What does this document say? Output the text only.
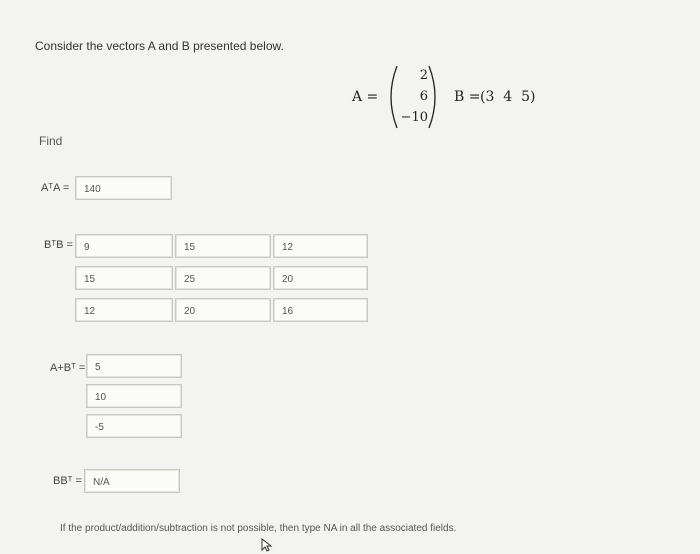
Consider the vectors A and B presented below.
A =
2
6
−10
B = (3  4  5)
Find
AᵀA =	140
BᵀB =	9	15	12
15	25	20
12	20	16
A+Bᵀ = 5
10
-5
BBᵀ =	N/A
If the product/addition/subtraction is not possible, then type NA in all the associated fields.
